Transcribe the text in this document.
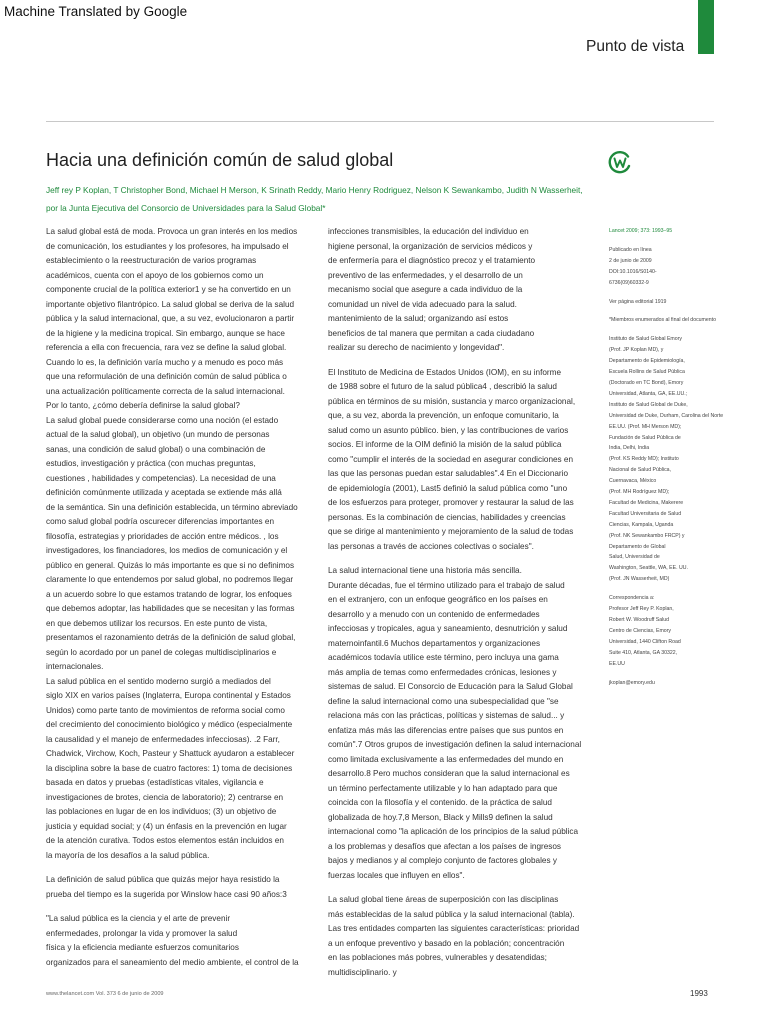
Machine Translated by Google
Punto de vista
Hacia una definición común de salud global
Jeff rey P Koplan, T Christopher Bond, Michael H Merson, K Srinath Reddy, Mario Henry Rodriguez, Nelson K Sewankambo, Judith N Wasserheit,
por la Junta Ejecutiva del Consorcio de Universidades para la Salud Global*
La salud global está de moda. Provoca un gran interés en los medios
de comunicación, los estudiantes y los profesores, ha impulsado el
establecimiento o la reestructuración de varios programas
académicos, cuenta con el apoyo de los gobiernos como un
componente crucial de la política exterior1 y se ha convertido en un
importante objetivo filantrópico. La salud global se deriva de la salud
pública y la salud internacional, que, a su vez, evolucionaron a partir
de la higiene y la medicina tropical. Sin embargo, aunque se hace
referencia a ella con frecuencia, rara vez se define la salud global.
Cuando lo es, la definición varía mucho y a menudo es poco más
que una reformulación de una definición común de salud pública o
una actualización políticamente correcta de la salud internacional.
Por lo tanto, ¿cómo debería definirse la salud global?
La salud global puede considerarse como una noción (el estado
actual de la salud global), un objetivo (un mundo de personas
sanas, una condición de salud global) o una combinación de
estudios, investigación y práctica (con muchas preguntas,
cuestiones , habilidades y competencias). La necesidad de una
definición comúnmente utilizada y aceptada se extiende más allá
de la semántica. Sin una definición establecida, un término abreviado
como salud global podría oscurecer diferencias importantes en
filosofía, estrategias y prioridades de acción entre médicos. , los
investigadores, los financiadores, los medios de comunicación y el
público en general. Quizás lo más importante es que si no definimos
claramente lo que entendemos por salud global, no podremos llegar
a un acuerdo sobre lo que estamos tratando de lograr, los enfoques
que debemos adoptar, las habilidades que se necesitan y las formas
en que debemos utilizar los recursos. En este punto de vista,
presentamos el razonamiento detrás de la definición de salud global,
según lo acordado por un panel de colegas multidisciplinarios e
internacionales.
La salud pública en el sentido moderno surgió a mediados del
siglo XIX en varios países (Inglaterra, Europa continental y Estados
Unidos) como parte tanto de movimientos de reforma social como
del crecimiento del conocimiento biológico y médico (especialmente
la causalidad y el manejo de enfermedades infecciosas). .2 Farr,
Chadwick, Virchow, Koch, Pasteur y Shattuck ayudaron a establecer
la disciplina sobre la base de cuatro factores: 1) toma de decisiones
basada en datos y pruebas (estadísticas vitales, vigilancia e
investigaciones de brotes, ciencia de laboratorio); 2) centrarse en
las poblaciones en lugar de en los individuos; (3) un objetivo de
justicia y equidad social; y (4) un énfasis en la prevención en lugar
de la atención curativa. Todos estos elementos están incluidos en
la mayoría de los desafíos a la salud pública.
La definición de salud pública que quizás mejor haya resistido la
prueba del tiempo es la sugerida por Winslow hace casi 90 años:3
"La salud pública es la ciencia y el arte de prevenir
enfermedades, prolongar la vida y promover la salud
física y la eficiencia mediante esfuerzos comunitarios
organizados para el saneamiento del medio ambiente, el control de la
infecciones transmisibles, la educación del individuo en
higiene personal, la organización de servicios médicos y
de enfermería para el diagnóstico precoz y el tratamiento
preventivo de las enfermedades, y el desarrollo de un
mecanismo social que asegure a cada individuo de la
comunidad un nivel de vida adecuado para la salud.
mantenimiento de la salud; organizando así estos
beneficios de tal manera que permitan a cada ciudadano
realizar su derecho de nacimiento y longevidad".
El Instituto de Medicina de Estados Unidos (IOM), en su informe
de 1988 sobre el futuro de la salud pública4 , describió la salud
pública en términos de su misión, sustancia y marco organizacional,
que, a su vez, aborda la prevención, un enfoque comunitario, la
salud como un asunto público. bien, y las contribuciones de varios
socios. El informe de la OIM definió la misión de la salud pública
como "cumplir el interés de la sociedad en asegurar condiciones en
las que las personas puedan estar saludables".4 En el Diccionario
de epidemiología (2001), Last5 definió la salud pública como "uno
de los esfuerzos para proteger, promover y restaurar la salud de las
personas. Es la combinación de ciencias, habilidades y creencias
que se dirige al mantenimiento y mejoramiento de la salud de todas
las personas a través de acciones colectivas o sociales".
La salud internacional tiene una historia más sencilla.
Durante décadas, fue el término utilizado para el trabajo de salud
en el extranjero, con un enfoque geográfico en los países en
desarrollo y a menudo con un contenido de enfermedades
infecciosas y tropicales, agua y saneamiento, desnutrición y salud
maternoinfantil.6 Muchos departamentos y organizaciones
académicos todavía utilice este término, pero incluya una gama
más amplia de temas como enfermedades crónicas, lesiones y
sistemas de salud. El Consorcio de Educación para la Salud Global
define la salud internacional como una subespecialidad que "se
relaciona más con las prácticas, políticas y sistemas de salud... y
enfatiza más más las diferencias entre países que sus puntos en
común".7 Otros grupos de investigación definen la salud internacional
como limitada exclusivamente a las enfermedades del mundo en
desarrollo.8 Pero muchos consideran que la salud internacional es
un término perfectamente utilizable y lo han adaptado para que
coincida con la filosofía y el contenido. de la práctica de salud
globalizada de hoy.7,8 Merson, Black y Mills9 definen la salud
internacional como "la aplicación de los principios de la salud pública
a los problemas y desafíos que afectan a los países de ingresos
bajos y medianos y al complejo conjunto de factores globales y
fuerzas locales que influyen en ellos".
La salud global tiene áreas de superposición con las disciplinas
más establecidas de la salud pública y la salud internacional (tabla).
Las tres entidades comparten las siguientes características: prioridad
a un enfoque preventivo y basado en la población; concentración
en las poblaciones más pobres, vulnerables y desatendidas;
multidisciplinario. y
Lancet 2009; 373: 1993–95
Publicado en línea
2 de junio de 2009
DOI:10.1016/S0140-
6736(09)60332-9
Ver página editorial 1919
*Miembros enumerados al final del documento
Instituto de Salud Global Emory
(Prof. JP Koplan MD), y
Departamento de Epidemiología,
Escuela Rollins de Salud Pública
(Doctorado en TC Bond), Emory
Universidad, Atlanta, GA, EE.UU.;
Instituto de Salud Global de Duke,
Universidad de Duke, Durham, Carolina del Norte
EE.UU. (Prof. MH Merson MD);
Fundación de Salud Pública de
India, Delhi, India
(Prof. KS Reddy MD); Instituto
Nacional de Salud Pública,
Cuernavaca, México
(Prof. MH Rodríguez MD);
Facultad de Medicina, Makerere
Facultad Universitaria de Salud
Ciencias, Kampala, Uganda
(Prof. NK Sewankambo FRCP) y
Departamento de Global
Salud, Universidad de
Washington, Seattle, WA, EE. UU.
(Prof. JN Wasserheit, MD)
Correspondencia a:
Profesor Jeff Rey P. Koplan,
Robert W. Woodruff Salud
Centro de Ciencias, Emory
Universidad, 1440 Clifton Road
Suite 410, Atlanta, GA 30322,
EE.UU
jkoplan@emory.edu
www.thelancet.com Vol. 373 6 de junio de 2009	1993
